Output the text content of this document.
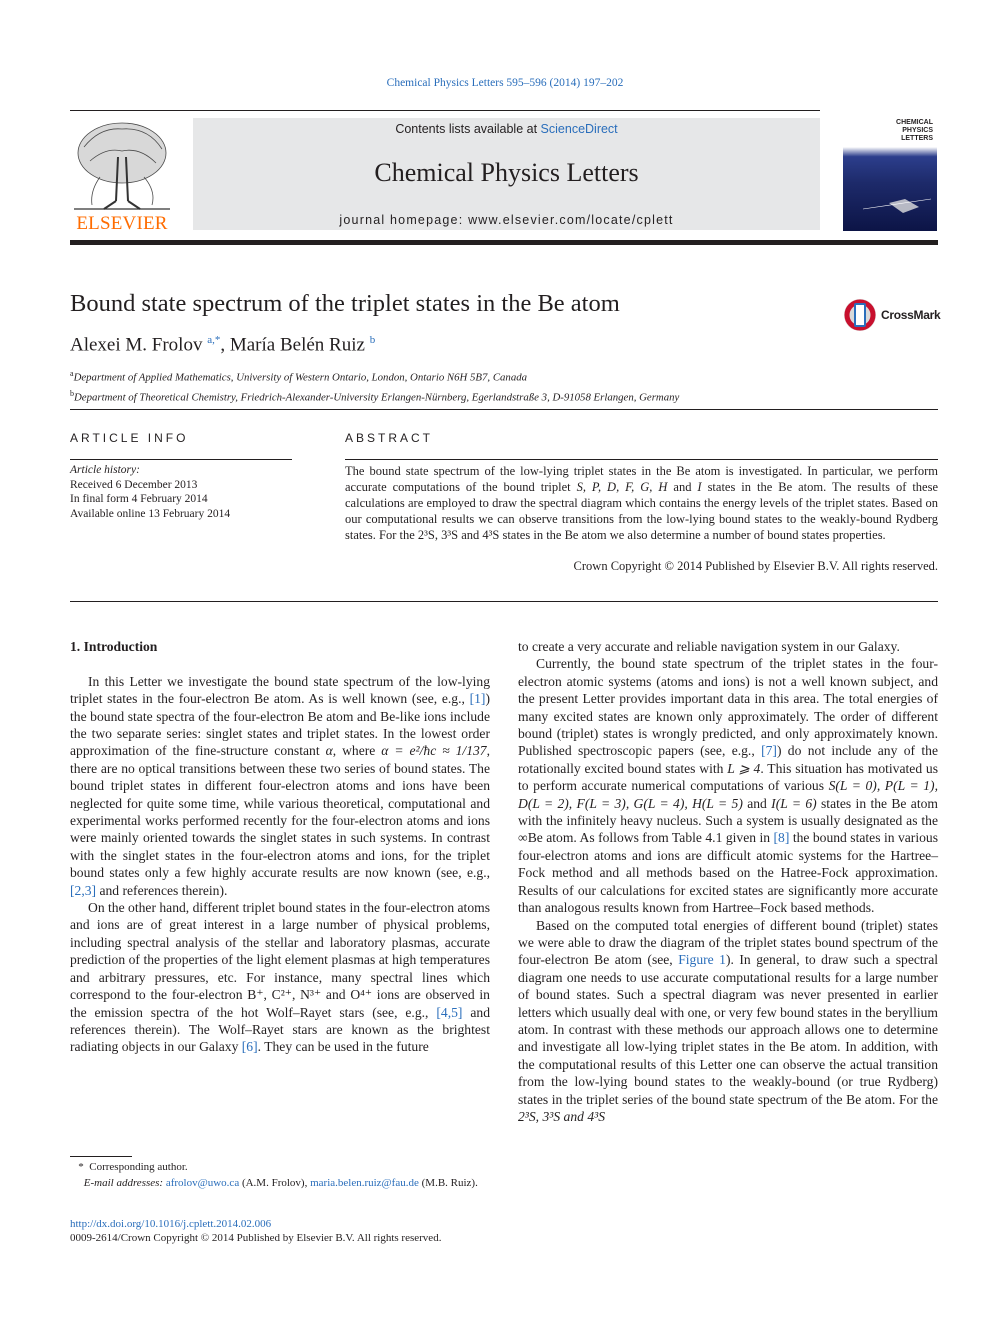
Chemical Physics Letters 595–596 (2014) 197–202
ELSEVIER
Contents lists available at ScienceDirect
Chemical Physics Letters
journal homepage: www.elsevier.com/locate/cplett
CHEMICAL
PHYSICS
LETTERS
Bound state spectrum of the triplet states in the Be atom	CrossMark
Alexei M. Frolov $^{a,*}$, María Belén Ruiz $^b$
$^a$Department of Applied Mathematics, University of Western Ontario, London, Ontario N6H 5B7, Canada
$^b$Department of Theoretical Chemistry, Friedrich-Alexander-University Erlangen-Nürnberg, Egerlandstraße 3, D-91058 Erlangen, Germany
ARTICLE INFO
Article history:
Received 6 December 2013
In final form 4 February 2014
Available online 13 February 2014
ABSTRACT
The bound state spectrum of the low-lying triplet states in the Be atom is investigated. In particular, we perform accurate computations of the bound triplet S, P, D, F, G, H and I states in the Be atom. The results of these calculations are employed to draw the spectral diagram which contains the energy levels of the triplet states. Based on our computational results we can observe transitions from the low-lying bound states to the weakly-bound Rydberg states. For the 2³S, 3³S and 4³S states in the Be atom we also determine a number of bound states properties.
Crown Copyright © 2014 Published by Elsevier B.V. All rights reserved.

1. Introduction

In this Letter we investigate the bound state spectrum of the low-lying triplet states in the four-electron Be atom. As is well known (see, e.g., [1]) the bound state spectra of the four-electron Be atom and Be-like ions include the two separate series: singlet states and triplet states. In the lowest order approximation of the fine-structure constant α, where α = e²/ħc ≈ 1/137, there are no optical transitions between these two series of bound states. The bound triplet states in different four-electron atoms and ions have been neglected for quite some time, while various theoretical, computational and experimental works performed recently for the four-electron atoms and ions were mainly oriented towards the singlet states in such systems. In contrast with the singlet states in the four-electron atoms and ions, for the triplet bound states only a few highly accurate results are now known (see, e.g., [2,3] and references therein).

On the other hand, different triplet bound states in the four-electron atoms and ions are of great interest in a large number of physical problems, including spectral analysis of the stellar and laboratory plasmas, accurate prediction of the properties of the light element plasmas at high temperatures and arbitrary pressures, etc. For instance, many spectral lines which correspond to the four-electron B⁺, C²⁺, N³⁺ and O⁴⁺ ions are observed in the emission spectra of the hot Wolf–Rayet stars (see, e.g., [4,5] and references therein). The Wolf–Rayet stars are known as the brightest radiating objects in our Galaxy [6]. They can be used in the future

to create a very accurate and reliable navigation system in our Galaxy.

Currently, the bound state spectrum of the triplet states in the four-electron atomic systems (atoms and ions) is not a well known subject, and the present Letter provides important data in this area. The total energies of many excited states are known only approximately. The order of different bound (triplet) states is wrongly predicted, and only approximately known. Published spectroscopic papers (see, e.g., [7]) do not include any of the rotationally excited bound states with L ⩾ 4. This situation has motivated us to perform accurate numerical computations of various S(L = 0), P(L = 1), D(L = 2), F(L = 3), G(L = 4), H(L = 5) and I(L = 6) states in the Be atom with the infinitely heavy nucleus. Such a system is usually designated as the ∞Be atom. As follows from Table 4.1 given in [8] the bound states in various four-electron atoms and ions are difficult atomic systems for the Hartree–Fock method and all methods based on the Hatree-Fock approximation. Results of our calculations for excited states are significantly more accurate than analogous results known from Hartree–Fock based methods.

Based on the computed total energies of different bound (triplet) states we were able to draw the diagram of the triplet states bound spectrum of the four-electron Be atom (see, Figure 1). In general, to draw such a spectral diagram one needs to use accurate computational results for a large number of bound states. Such a spectral diagram was never presented in earlier letters which usually deal with one, or very few bound states in the beryllium atom. In contrast with these methods our approach allows one to determine and investigate all low-lying triplet states in the Be atom. In addition, with the computational results of this Letter one can observe the actual transition from the low-lying bound states to the weakly-bound (or true Rydberg) states in the triplet series of the bound state spectrum of the Be atom. For the 2³S, 3³S and 4³S

* Corresponding author.
E-mail addresses: afrolov@uwo.ca (A.M. Frolov), maria.belen.ruiz@fau.de (M.B. Ruiz).
http://dx.doi.org/10.1016/j.cplett.2014.02.006
0009-2614/Crown Copyright © 2014 Published by Elsevier B.V. All rights reserved.
